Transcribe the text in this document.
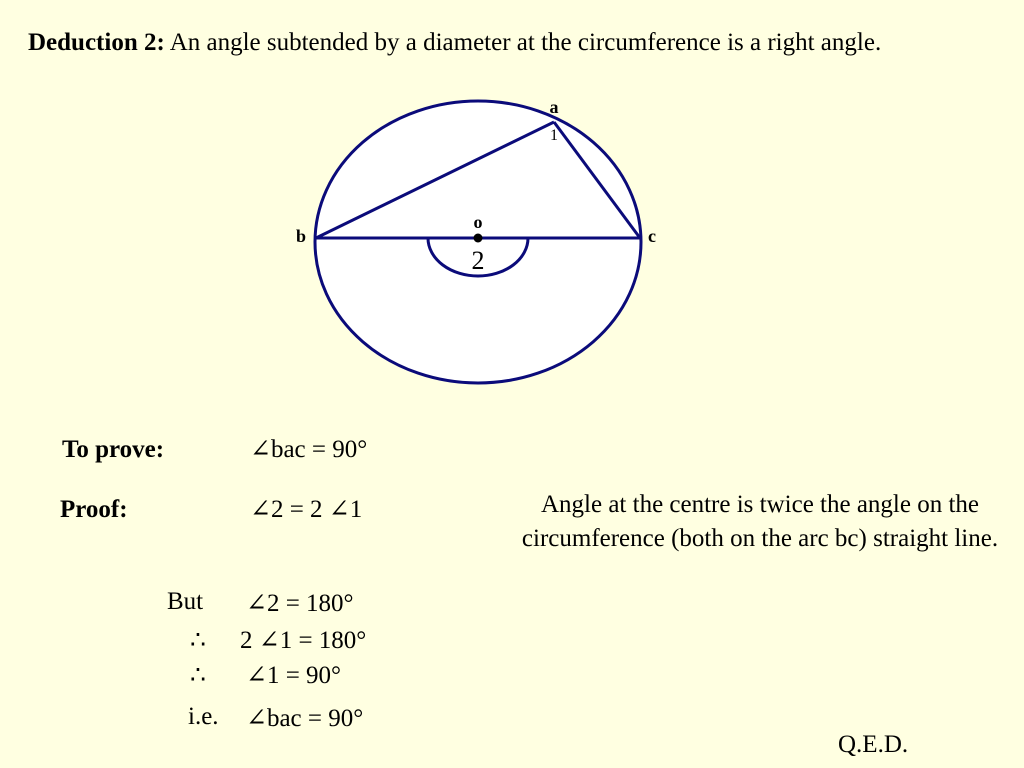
Deduction 2: An angle subtended by a diameter at the circumference is a right angle.
a
b	c
o
1
2
To prove:	∠bac = 90°
Proof:	∠2 = 2 ∠1	Angle at the centre is twice the angle on the circumference (both on the arc bc) straight line.
But ∠2 = 180°
∴ 2 ∠1 = 180°
∴ ∠1 = 90°
i.e. ∠bac = 90°
Q.E.D.
